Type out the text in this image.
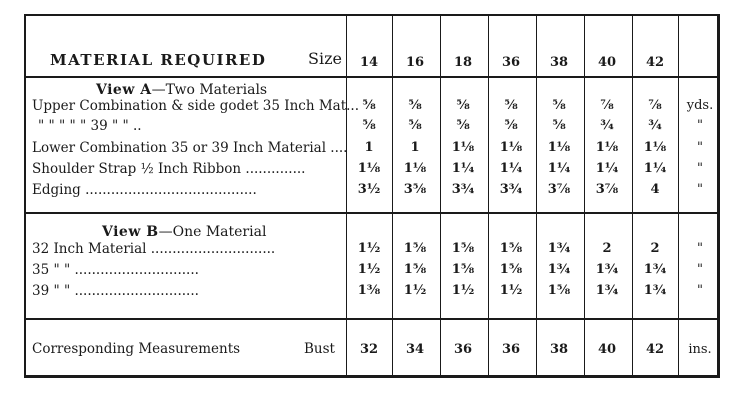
MATERIAL REQUIRED	Size	14	16	18	36	38	40	42
View A—Two Materials
Upper Combination & side godet 35 Inch Mat... ⅝	⅝	⅝	⅝	⅝	⅞	⅞	yds.
" " " " " 39 " " ..	⅝	⅝	⅝	⅝	⅝	¾	¾	"
Lower Combination 35 or 39 Inch Material ....	1	1	1⅛	1⅛	1⅛	1⅛	1⅛	"
Shoulder Strap ½ Inch Ribbon ..............	1⅛	1⅛	1¼	1¼	1¼	1¼	1¼	"
Edging ........................................	3½	3⅝	3¾	3¾	3⅞	3⅞	4	"
View B—One Material
32 Inch Material .............................	1½	1⅝	1⅝	1⅝	1¾	2	2	"
35 " " .............................	1½	1⅝	1⅝	1⅝	1¾	1¾	1¾	"
39 " " .............................	1⅜	1½	1½	1½	1⅝	1¾	1¾	"
Corresponding Measurements	Bust	32	34	36	36	38	40	42	ins.
